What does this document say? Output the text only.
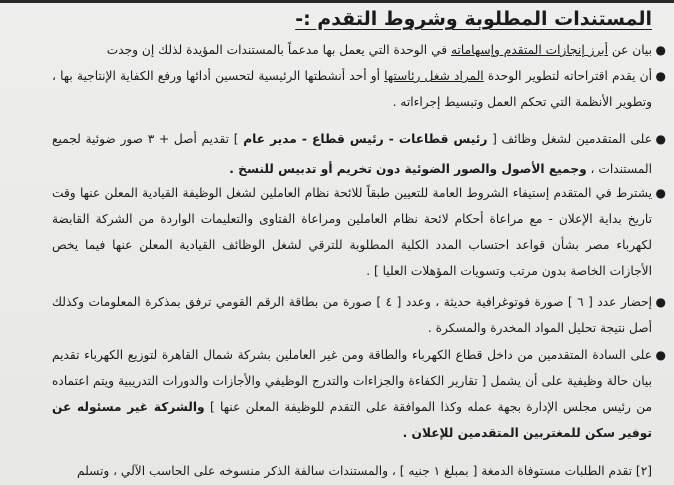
المستندات المطلوبة وشروط التقدم :-
●
بيان عن أبرز إنجازات المتقدم وإسهاماته في الوحدة التي يعمل بها مدعماً بالمستندات المؤيدة لذلك إن وجدت
●
أن يقدم اقتراحاته لتطوير الوحدة المراد شغل رئاستها أو أحد أنشطتها الرئيسية لتحسين أدائها ورفع الكفاية الإنتاجية بها ، وتطوير الأنظمة التي تحكم العمل وتبسيط إجراءاته .
●
على المتقدمين لشغل وظائف [ رئيس قطاعات - رئيس قطاع - مدير عام ] تقديم أصل + ٣ صور ضوئية لجميع المستندات ، وجميع الأصول والصور الضوئية دون تخريم أو تدبيس للنسخ .
●
يشترط في المتقدم إستيفاء الشروط العامة للتعيين طبقاً للائحة نظام العاملين لشغل الوظيفة القيادية المعلن عنها وقت تاريخ بداية الإعلان - مع مراعاة أحكام لائحة نظام العاملين ومراعاة الفتاوى والتعليمات الواردة من الشركة القابضة لكهرباء مصر بشأن قواعد احتساب المدد الكلية المطلوبة للترقي لشغل الوظائف القيادية المعلن عنها فيما يخص الأجازات الخاصة بدون مرتب وتسويات المؤهلات العليا ] .
●
إحضار عدد [ ٦ ] صورة فوتوغرافية حديثة ، وعدد [ ٤ ] صورة من بطاقة الرقم القومي ترفق بمذكرة المعلومات وكذلك أصل نتيجة تحليل المواد المخدرة والمسكرة .
●
على السادة المتقدمين من داخل قطاع الكهرباء والطاقة ومن غير العاملين بشركة شمال القاهرة لتوزيع الكهرباء تقديم بيان حالة وظيفية على أن يشمل [ تقارير الكفاءة والجزاءات والتدرج الوظيفي والأجازات والدورات التدريبية ويتم اعتماده من رئيس مجلس الإدارة بجهة عمله وكذا الموافقة على التقدم للوظيفة المعلن عنها ] والشركة غير مسئوله عن توفير سكن للمغتربين المتقدمين للإعلان .
[٢] تقدم الطلبات مستوفاة الدمغة [ بمبلغ ١ جنيه ] ، والمستندات سالفة الذكر منسوخه على الحاسب الآلي ، وتسلم
